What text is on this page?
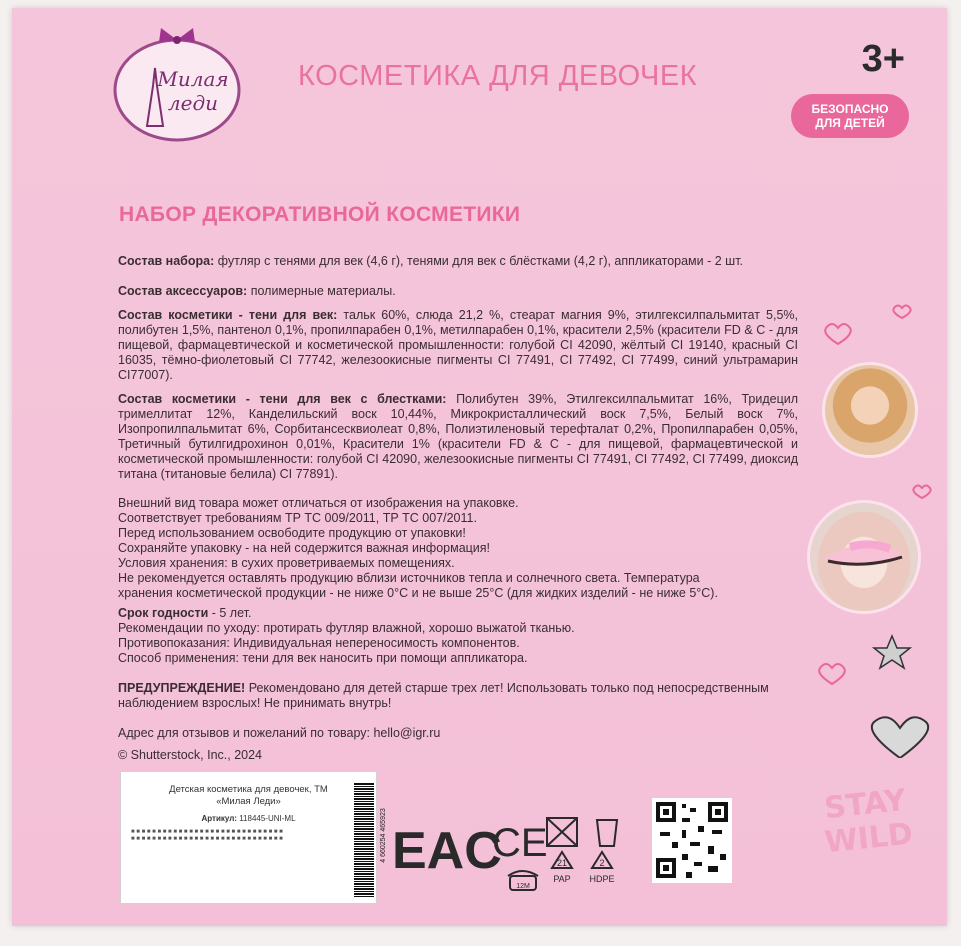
Милая
леди
КОСМЕТИКА ДЛЯ ДЕВОЧЕК	3+
БЕЗОПАСНО
ДЛЯ ДЕТЕЙ
НАБОР ДЕКОРАТИВНОЙ КОСМЕТИКИ
Состав набора: футляр с тенями для век (4,6 г), тенями для век с блёстками (4,2 г), аппликаторами - 2 шт.
Состав аксессуаров: полимерные материалы.
Состав косметики - тени для век: тальк 60%, слюда 21,2 %, стеарат магния 9%, этилгексилпальмитат 5,5%, полибутен 1,5%, пантенол 0,1%, пропилпарабен 0,1%, метилпарабен 0,1%, красители 2,5% (красители FD & C - для пищевой, фармацевтической и косметической промышленности: голубой CI 42090, жёлтый CI 19140, красный CI 16035, тёмно-фиолетовый CI 77742, железоокисные пигменты CI 77491, CI 77492, CI 77499, синий ультрамарин CI77007).
Состав косметики - тени для век с блестками: Полибутен 39%, Этилгексилпальмитат 16%, Тридецил тримеллитат 12%, Канделильский воск 10,44%, Микрокристаллический воск 7,5%, Белый воск 7%, Изопропилпальмитат 6%, Сорбитансесквиолеат 0,8%, Полиэтиленовый терефталат 0,2%, Пропилпарабен 0,05%, Третичный бутилгидрохинон 0,01%, Красители 1% (красители FD & C - для пищевой, фармацевтической и косметической промышленности: голубой CI 42090, железоокисные пигменты CI 77491, CI 77492, CI 77499, диоксид титана (титановые белила) CI 77891).
Внешний вид товара может отличаться от изображения на упаковке.
Соответствует требованиям ТР ТС 009/2011, ТР ТС 007/2011.
Перед использованием освободите продукцию от упаковки!
Сохраняйте упаковку - на ней содержится важная информация!
Условия хранения: в сухих проветриваемых помещениях.
Не рекомендуется оставлять продукцию вблизи источников тепла и солнечного света. Температура
хранения косметической продукции - не ниже 0°С и не выше 25°С (для жидких изделий - не ниже 5°С).
Срок годности - 5 лет.
Рекомендации по уходу: протирать футляр влажной, хорошо выжатой тканью.
Противопоказания: Индивидуальная непереносимость компонентов.
Способ применения: тени для век наносить при помощи аппликатора.
ПРЕДУПРЕЖДЕНИЕ! Рекомендовано для детей старше трех лет! Использовать только под непосредственным наблюдением взрослых! Не принимать внутрь!
Адрес для отзывов и пожеланий по товару: hello@igr.ru
© Shutterstock, Inc., 2024
Детская косметика для девочек, ТМ
«Милая Леди»
Артикул: 118445-UNI-ML	4 660254 465923
■ ■ ■ ■ ■ ■ ■ ■ ■ ■ ■ ■ ■ ■ ■ ■ ■ ■ ■ ■ ■ ■ ■ ■ ■ ■ ■ ■ ■
■ ■ ■ ■ ■ ■ ■ ■ ■ ■ ■ ■ ■ ■ ■ ■ ■ ■ ■ ■ ■ ■ ■ ■ ■ ■ ■ ■ ■	EAC
CE 21	2
PAP HDPE
12M
STAY
WILD
